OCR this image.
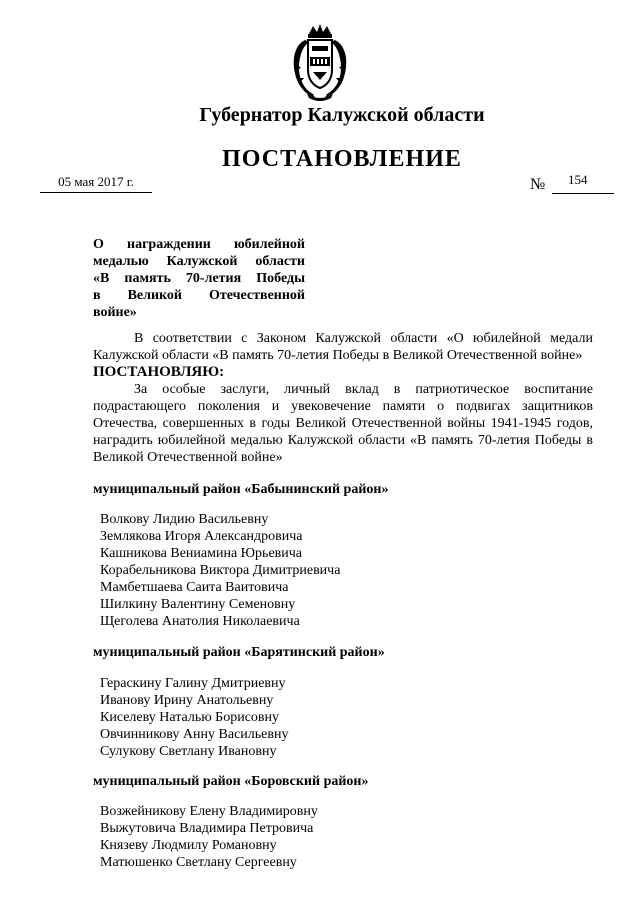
Губернатор Калужской области
ПОСТАНОВЛЕНИЕ
05 мая 2017 г.	№ 154
О награждении юбилейной
медалью Калужской области
«В память 70-летия Победы
в Великой Отечественной войне»
В соответствии с Законом Калужской области «О юбилейной медали Калужской области «В память 70-летия Победы в Великой Отечественной войне»
ПОСТАНОВЛЯЮ:
За особые заслуги, личный вклад в патриотическое воспитание подрастающего поколения и увековечение памяти о подвигах защитников Отечества, совершенных в годы Великой Отечественной войны 1941-1945 годов, наградить юбилейной медалью Калужской области «В память 70-летия Победы в Великой Отечественной войне»
муниципальный район «Бабынинский район»
Волкову Лидию Васильевну
Землякова Игоря Александровича
Кашникова Вениамина Юрьевича
Корабельникова Виктора Димитриевича
Мамбетшаева Саита Ваитовича
Шилкину Валентину Семеновну
Щеголева Анатолия Николаевича
муниципальный район «Барятинский район»
Гераскину Галину Дмитриевну
Иванову Ирину Анатольевну
Киселеву Наталью Борисовну
Овчинникову Анну Васильевну
Сулукову Светлану Ивановну
муниципальный район «Боровский район»
Возжейникову Елену Владимировну
Выжутовича Владимира Петровича
Князеву Людмилу Романовну
Матюшенко Светлану Сергеевну
